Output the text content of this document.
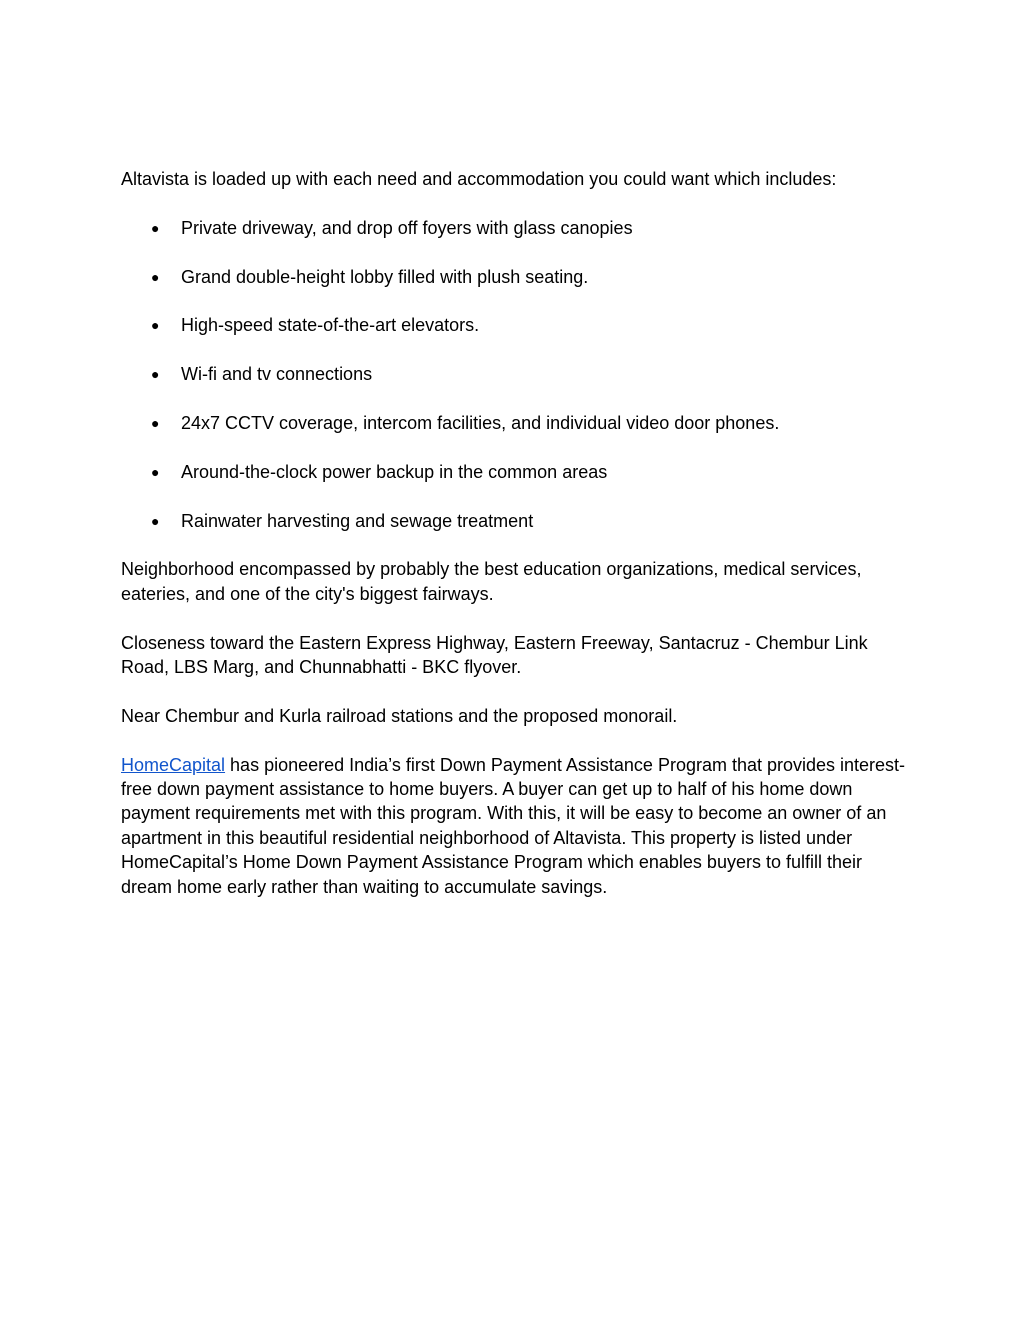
Altavista is loaded up with each need and accommodation you could want which includes:

● Private driveway, and drop off foyers with glass canopies
● Grand double-height lobby filled with plush seating.
● High-speed state-of-the-art elevators.
● Wi-fi and tv connections
● 24x7 CCTV coverage, intercom facilities, and individual video door phones.
● Around-the-clock power backup in the common areas
● Rainwater harvesting and sewage treatment

Neighborhood encompassed by probably the best education organizations, medical services, eateries, and one of the city's biggest fairways.

Closeness toward the Eastern Express Highway, Eastern Freeway, Santacruz - Chembur Link Road, LBS Marg, and Chunnabhatti - BKC flyover.

Near Chembur and Kurla railroad stations and the proposed monorail.

HomeCapital has pioneered India’s first Down Payment Assistance Program that provides interest-free down payment assistance to home buyers. A buyer can get up to half of his home down payment requirements met with this program. With this, it will be easy to become an owner of an apartment in this beautiful residential neighborhood of Altavista. This property is listed under HomeCapital’s Home Down Payment Assistance Program which enables buyers to fulfill their dream home early rather than waiting to accumulate savings.
